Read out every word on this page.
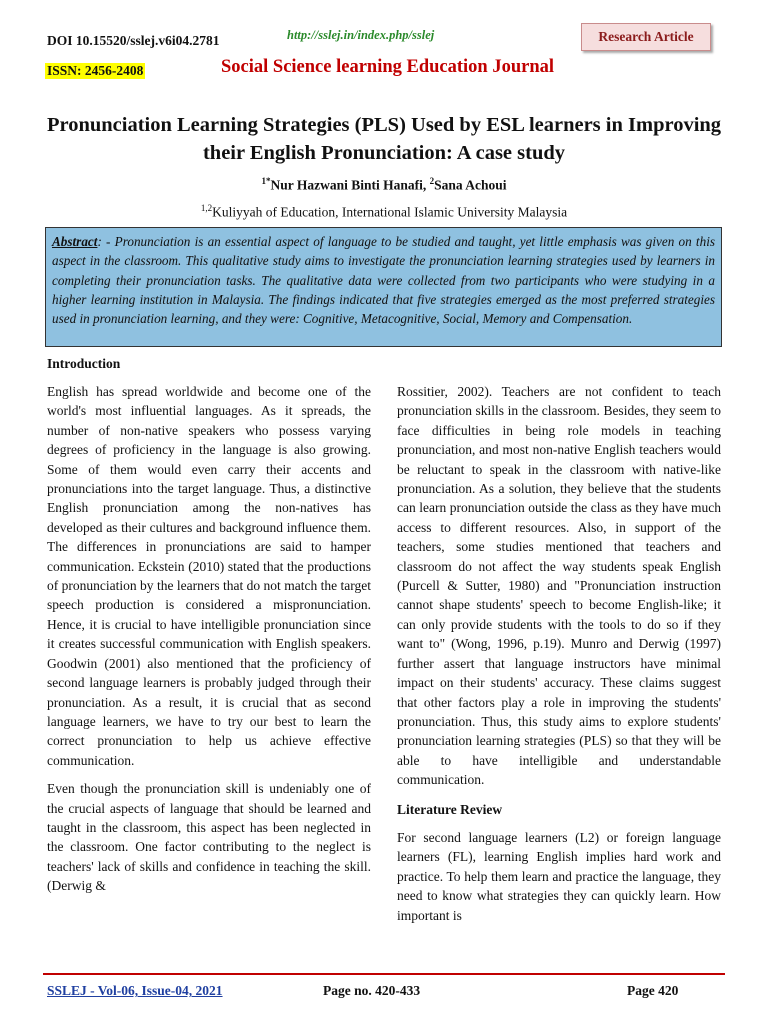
DOI 10.15520/sslej.v6i04.2781	http://sslej.in/index.php/sslej	Research Article
ISSN: 2456-2408	Social Science learning Education Journal
Pronunciation Learning Strategies (PLS) Used by ESL learners in Improving their English Pronunciation: A case study
$^{1*}$Nur Hazwani Binti Hanafi, $^2$Sana Achoui
$^{1,2}$Kuliyyah of Education, International Islamic University Malaysia
Abstract: - Pronunciation is an essential aspect of language to be studied and taught, yet little emphasis was given on this aspect in the classroom. This qualitative study aims to investigate the pronunciation learning strategies used by learners in completing their pronunciation tasks. The qualitative data were collected from two participants who were studying in a higher learning institution in Malaysia. The findings indicated that five strategies emerged as the most preferred strategies used in pronunciation learning, and they were: Cognitive, Metacognitive, Social, Memory and Compensation.
Introduction

English has spread worldwide and become one of the world's most influential languages. As it spreads, the number of non-native speakers who possess varying degrees of proficiency in the language is also growing. Some of them would even carry their accents and pronunciations into the target language. Thus, a distinctive English pronunciation among the non-natives has developed as their cultures and background influence them. The differences in pronunciations are said to hamper communication. Eckstein (2010) stated that the productions of pronunciation by the learners that do not match the target speech production is considered a mispronunciation. Hence, it is crucial to have intelligible pronunciation since it creates successful communication with English speakers. Goodwin (2001) also mentioned that the proficiency of second language learners is probably judged through their pronunciation. As a result, it is crucial that as second language learners, we have to try our best to learn the correct pronunciation to help us achieve effective communication.

Even though the pronunciation skill is undeniably one of the crucial aspects of language that should be learned and taught in the classroom, this aspect has been neglected in the classroom. One factor contributing to the neglect is teachers' lack of skills and confidence in teaching the skill. (Derwig &

Rossitier, 2002). Teachers are not confident to teach pronunciation skills in the classroom. Besides, they seem to face difficulties in being role models in teaching pronunciation, and most non-native English teachers would be reluctant to speak in the classroom with native-like pronunciation. As a solution, they believe that the students can learn pronunciation outside the class as they have much access to different resources. Also, in support of the teachers, some studies mentioned that teachers and classroom do not affect the way students speak English (Purcell & Sutter, 1980) and "Pronunciation instruction cannot shape students' speech to become English-like; it can only provide students with the tools to do so if they want to" (Wong, 1996, p.19). Munro and Derwig (1997) further assert that language instructors have minimal impact on their students' accuracy. These claims suggest that other factors play a role in improving the students' pronunciation. Thus, this study aims to explore students' pronunciation learning strategies (PLS) so that they will be able to have intelligible and understandable communication.

Literature Review

For second language learners (L2) or foreign language learners (FL), learning English implies hard work and practice. To help them learn and practice the language, they need to know what strategies they can quickly learn. How important is

SSLEJ - Vol-06, Issue-04, 2021	Page no. 420-433	Page 420
